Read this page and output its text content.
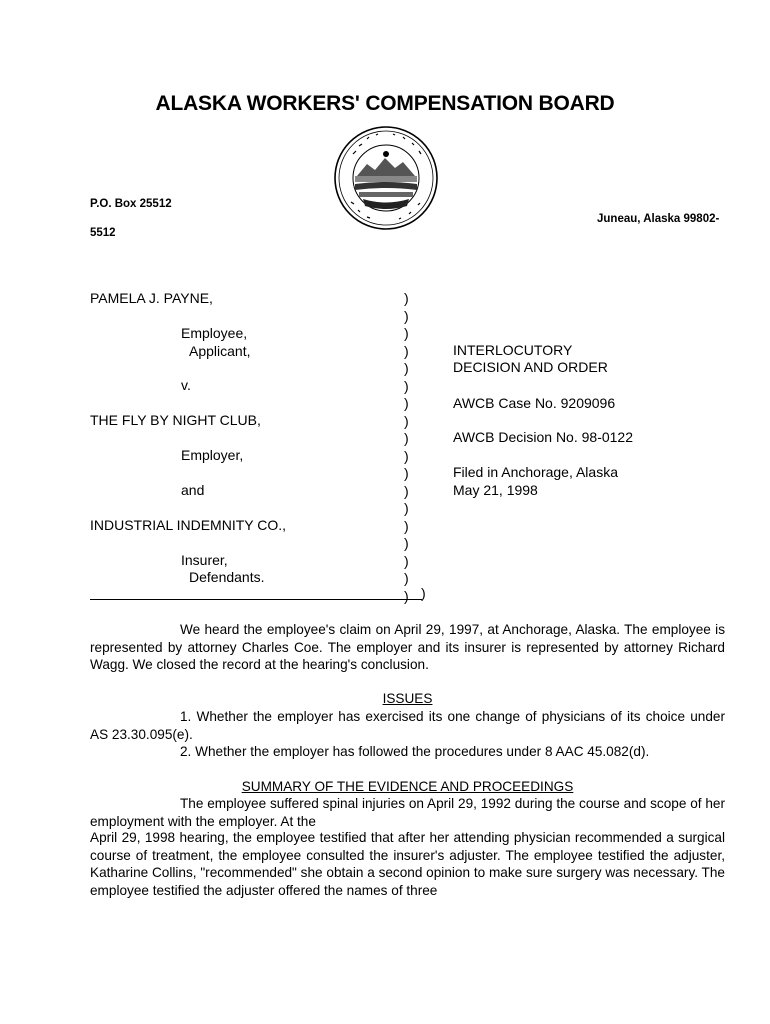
ALASKA WORKERS' COMPENSATION BOARD
P.O. Box 25512
Juneau, Alaska 99802-
5512
PAMELA J. PAYNE,
Employee,
Applicant,
v.
THE FLY BY NIGHT CLUB,
Employer,
and
INDUSTRIAL INDEMNITY CO.,
Insurer,
Defendants.
)
)
)
)
)
)
)
)
)
)
)
)
)
)
)
)
)
) )
INTERLOCUTORY
DECISION AND ORDER
AWCB Case No. 9209096
AWCB Decision No. 98-0122
Filed in Anchorage, Alaska
May 21, 1998

We heard the employee's claim on April 29, 1997, at Anchorage, Alaska. The employee is represented by attorney Charles Coe. The employer and its insurer is represented by attorney Richard Wagg. We closed the record at the hearing's conclusion.

ISSUES

1. Whether the employer has exercised its one change of physicians of its choice under AS 23.30.095(e).

2. Whether the employer has followed the procedures under 8 AAC 45.082(d).

SUMMARY OF THE EVIDENCE AND PROCEEDINGS

The employee suffered spinal injuries on April 29, 1992 during the course and scope of her employment with the employer. At the

April 29, 1998 hearing, the employee testified that after her attending physician recommended a surgical course of treatment, the employee consulted the insurer's adjuster. The employee testified the adjuster, Katharine Collins, "recommended" she obtain a second opinion to make sure surgery was necessary. The employee testified the adjuster offered the names of three
